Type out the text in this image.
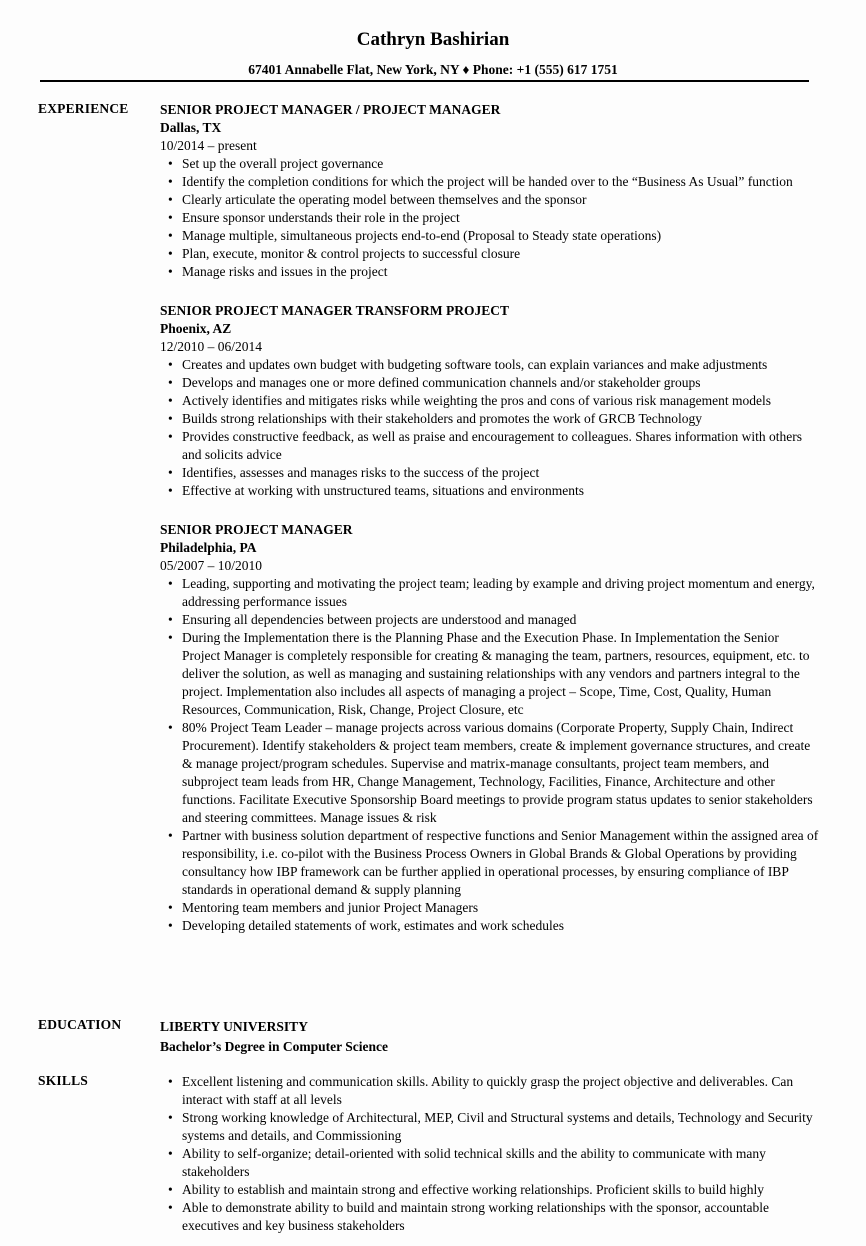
Cathryn Bashirian
67401 Annabelle Flat, New York, NY ♦ Phone: +1 (555) 617 1751
EXPERIENCE SENIOR PROJECT MANAGER / PROJECT MANAGER
Dallas, TX
10/2014 – present
• Set up the overall project governance
• Identify the completion conditions for which the project will be handed over to the “Business As Usual” function
• Clearly articulate the operating model between themselves and the sponsor
• Ensure sponsor understands their role in the project
• Manage multiple, simultaneous projects end-to-end (Proposal to Steady state operations)
• Plan, execute, monitor & control projects to successful closure
• Manage risks and issues in the project
SENIOR PROJECT MANAGER TRANSFORM PROJECT
Phoenix, AZ
12/2010 – 06/2014
• Creates and updates own budget with budgeting software tools, can explain variances and make adjustments
• Develops and manages one or more defined communication channels and/or stakeholder groups
• Actively identifies and mitigates risks while weighting the pros and cons of various risk management models
• Builds strong relationships with their stakeholders and promotes the work of GRCB Technology
• Provides constructive feedback, as well as praise and encouragement to colleagues. Shares information with others and solicits advice
• Identifies, assesses and manages risks to the success of the project
• Effective at working with unstructured teams, situations and environments
SENIOR PROJECT MANAGER
Philadelphia, PA
05/2007 – 10/2010
• Leading, supporting and motivating the project team; leading by example and driving project momentum and energy, addressing performance issues
• Ensuring all dependencies between projects are understood and managed
• During the Implementation there is the Planning Phase and the Execution Phase. In Implementation the Senior Project Manager is completely responsible for creating & managing the team, partners, resources, equipment, etc. to deliver the solution, as well as managing and sustaining relationships with any vendors and partners integral to the project. Implementation also includes all aspects of managing a project – Scope, Time, Cost, Quality, Human Resources, Communication, Risk, Change, Project Closure, etc
• 80% Project Team Leader – manage projects across various domains (Corporate Property, Supply Chain, Indirect Procurement). Identify stakeholders & project team members, create & implement governance structures, and create & manage project/program schedules. Supervise and matrix-manage consultants, project team members, and subproject team leads from HR, Change Management, Technology, Facilities, Finance, Architecture and other functions. Facilitate Executive Sponsorship Board meetings to provide program status updates to senior stakeholders and steering committees. Manage issues & risk
• Partner with business solution department of respective functions and Senior Management within the assigned area of responsibility, i.e. co-pilot with the Business Process Owners in Global Brands & Global Operations by providing consultancy how IBP framework can be further applied in operational processes, by ensuring compliance of IBP standards in operational demand & supply planning
• Mentoring team members and junior Project Managers
• Developing detailed statements of work, estimates and work schedules
EDUCATION	LIBERTY UNIVERSITY
Bachelor’s Degree in Computer Science
SKILLS
•	Excellent listening and communication skills. Ability to quickly grasp the project objective and deliverables. Can interact with staff at all levels
• Strong working knowledge of Architectural, MEP, Civil and Structural systems and details, Technology and Security systems and details, and Commissioning
• Ability to self-organize; detail-oriented with solid technical skills and the ability to communicate with many stakeholders
• Ability to establish and maintain strong and effective working relationships. Proficient skills to build highly
• Able to demonstrate ability to build and maintain strong working relationships with the sponsor, accountable executives and key business stakeholders
